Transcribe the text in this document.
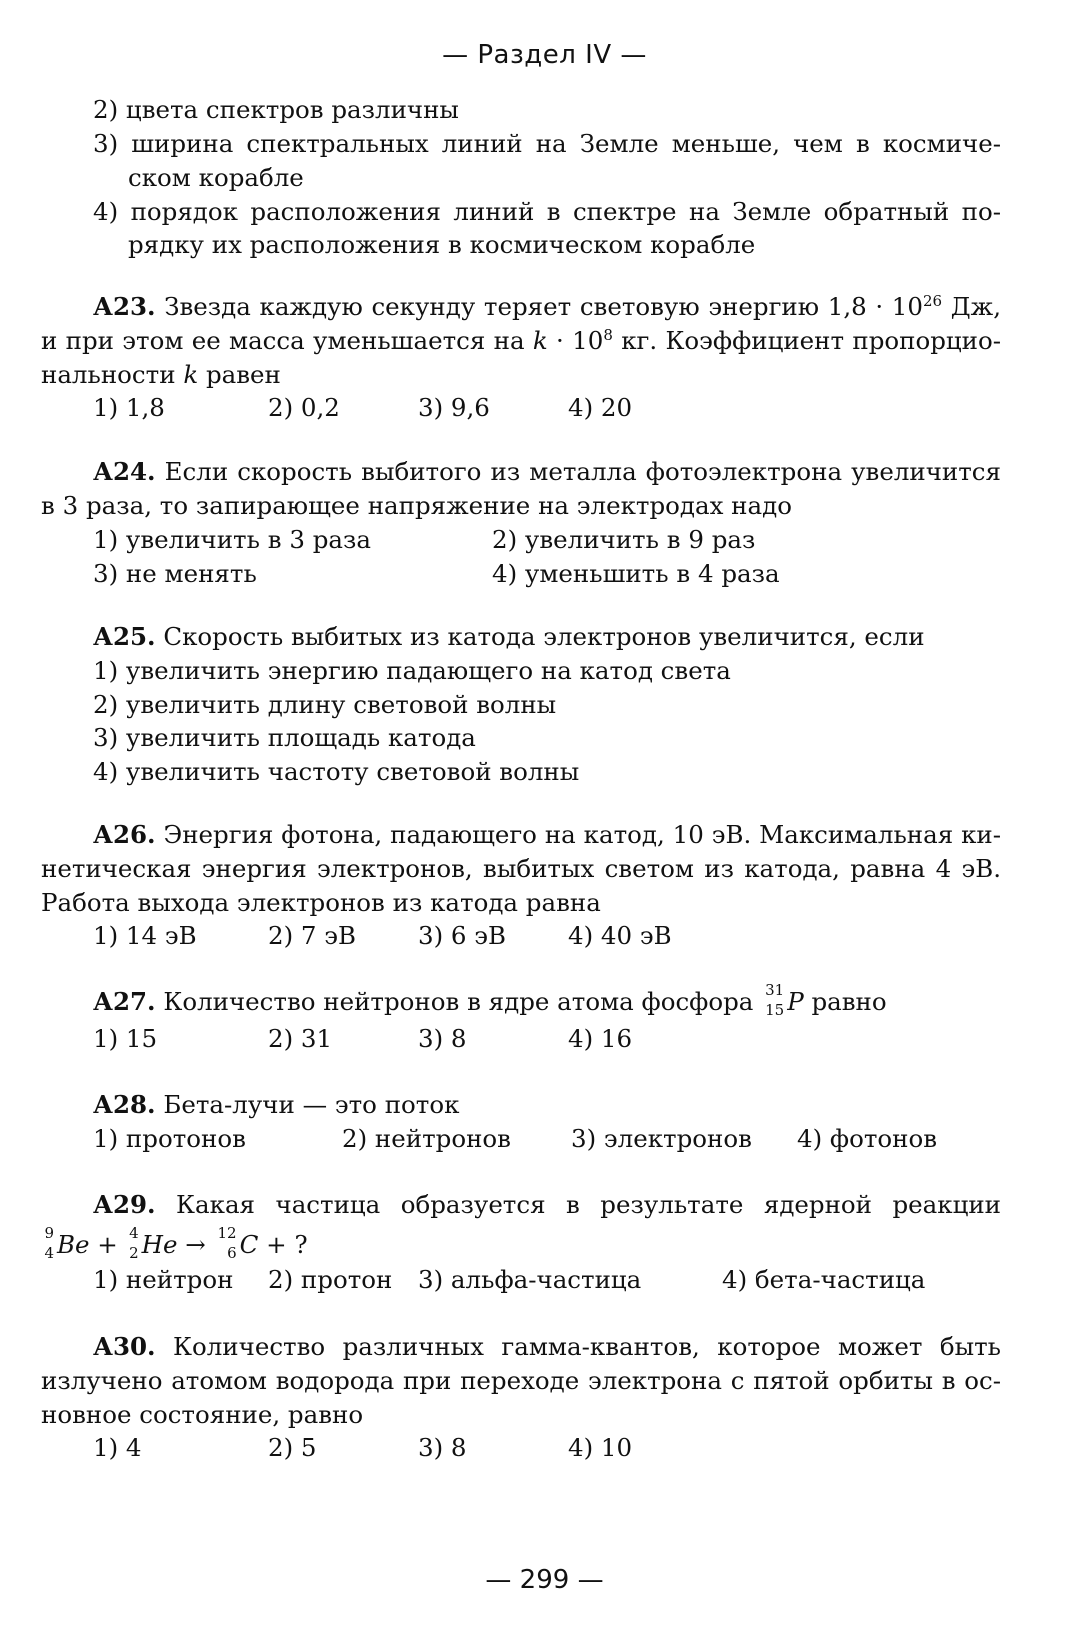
— Раздел IV —
2) цвета спектров различны
3) ширина спектральных линий на Земле меньше, чем в космиче-
ском корабле
4) порядок расположения линий в спектре на Земле обратный по-
рядку их расположения в космическом корабле
А23. Звезда каждую секунду теряет световую энергию $1,8 \cdot 10^{26}$ Дж,
и при этом ее масса уменьшается на $k \cdot 10^8$ кг. Коэффициент пропорцио-
нальности k равен
1) 1,8	2) 0,2	3) 9,6	4) 20
А24. Если скорость выбитого из металла фотоэлектрона увеличится
в 3 раза, то запирающее напряжение на электродах надо
1) увеличить в 3 раза	2) увеличить в 9 раз
3) не менять	4) уменьшить в 4 раза
А25. Скорость выбитых из катода электронов увеличится, если
1) увеличить энергию падающего на катод света
2) увеличить длину световой волны
3) увеличить площадь катода
4) увеличить частоту световой волны
А26. Энергия фотона, падающего на катод, 10 эВ. Максимальная ки-
нетическая энергия электронов, выбитых светом из катода, равна 4 эВ.
Работа выхода электронов из катода равна
1) 14 эВ	2) 7 эВ	3) 6 эВ	4) 40 эВ
А27. Количество нейтронов в ядре атома фосфора 31
15 P равно
1) 15	2) 31	3) 8	4) 16
А28. Бета-лучи — это поток
1) протонов	2) нейтронов 3) электронов 4) фотонов
А29. Какая частица образуется в результате ядерной реакции
9
4 Be + 4
2 He → 12
6 C + ?
1) нейтрон 2) протон 3) альфа-частица	4) бета-частица
А30. Количество различных гамма-квантов, которое может быть
излучено атомом водорода при переходе электрона с пятой орбиты в ос-
новное состояние, равно
1) 4	2) 5	3) 8	4) 10
— 299 —
